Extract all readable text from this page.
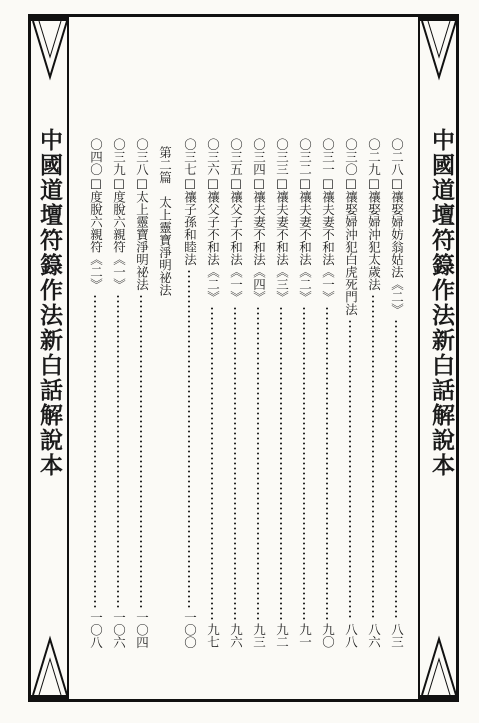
中國道壇符籙作法新白話解說本	中國道壇符籙作法新白話解說本
〇二八□禳娶婦妨翁姑法《二》
八三
〇二九□禳娶婦沖犯太歲法
八六
〇三〇□禳娶婦沖犯白虎死門法
八八
〇三一□禳夫妻不和法《一》
九〇
〇三二□禳夫妻不和法《二》
九一
〇三三□禳夫妻不和法《三》
九二
〇三四□禳夫妻不和法《四》
九三
〇三五□禳父子不和法《一》
九六
〇三六□禳父子不和法《二》
九七
〇三七□禳子孫和睦法
一〇〇
第二篇　太上靈寶淨明祕法
〇三八□太上靈寶淨明祕法
一〇四
〇三九□度脫六親符《一》
一〇六
〇四〇□度脫六親符《二》
一〇八
